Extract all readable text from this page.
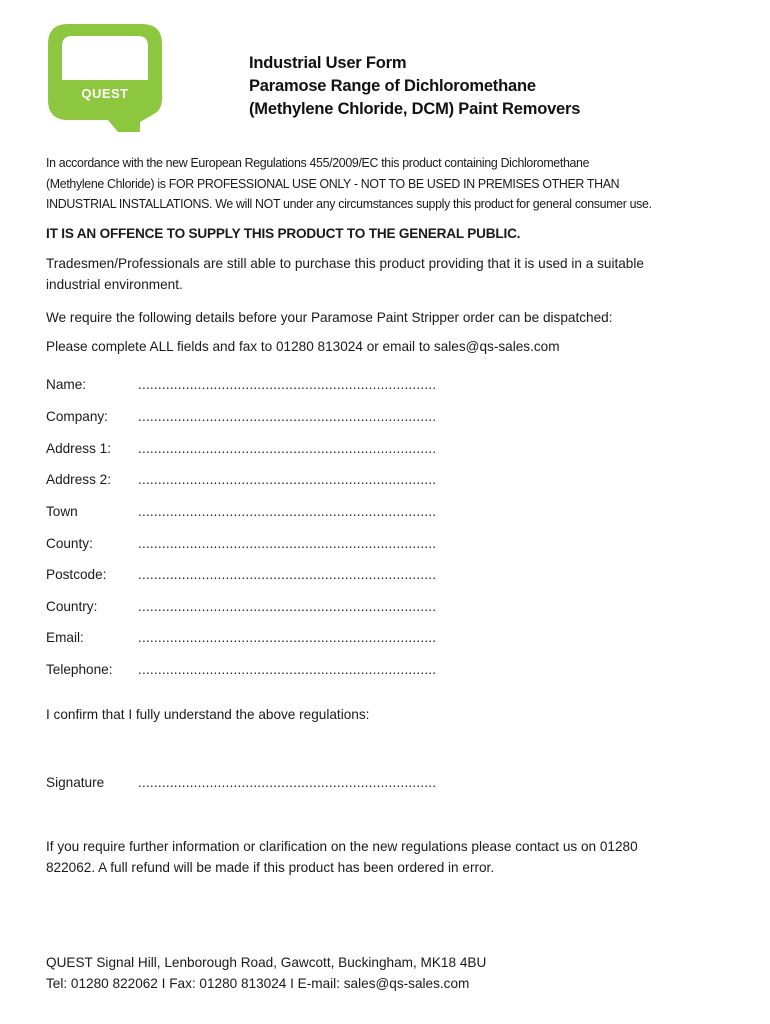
QUEST
Industrial User Form
Paramose Range of Dichloromethane
(Methylene Chloride, DCM) Paint Removers
In accordance with the new European Regulations 455/2009/EC this product containing Dichloromethane
(Methylene Chloride) is FOR PROFESSIONAL USE ONLY - NOT TO BE USED IN PREMISES OTHER THAN
INDUSTRIAL INSTALLATIONS. We will NOT under any circumstances supply this product for general consumer use.
IT IS AN OFFENCE TO SUPPLY THIS PRODUCT TO THE GENERAL PUBLIC.
Tradesmen/Professionals are still able to purchase this product providing that it is used in a suitable
industrial environment.
We require the following details before your Paramose Paint Stripper order can be dispatched:
Please complete ALL fields and fax to 01280 813024 or email to sales@qs-sales.com
Name:	...........................................................................
Company: ...........................................................................
Address 1: ...........................................................................
Address 2: ...........................................................................
Town	...........................................................................
County:	...........................................................................
Postcode: ...........................................................................
Country:	...........................................................................
Email:	...........................................................................
Telephone: ...........................................................................
I confirm that I fully understand the above regulations:
Signature ...........................................................................
If you require further information or clarification on the new regulations please contact us on 01280
822062. A full refund will be made if this product has been ordered in error.
QUEST Signal Hill, Lenborough Road, Gawcott, Buckingham, MK18 4BU
Tel: 01280 822062 I Fax: 01280 813024 I E-mail: sales@qs-sales.com
